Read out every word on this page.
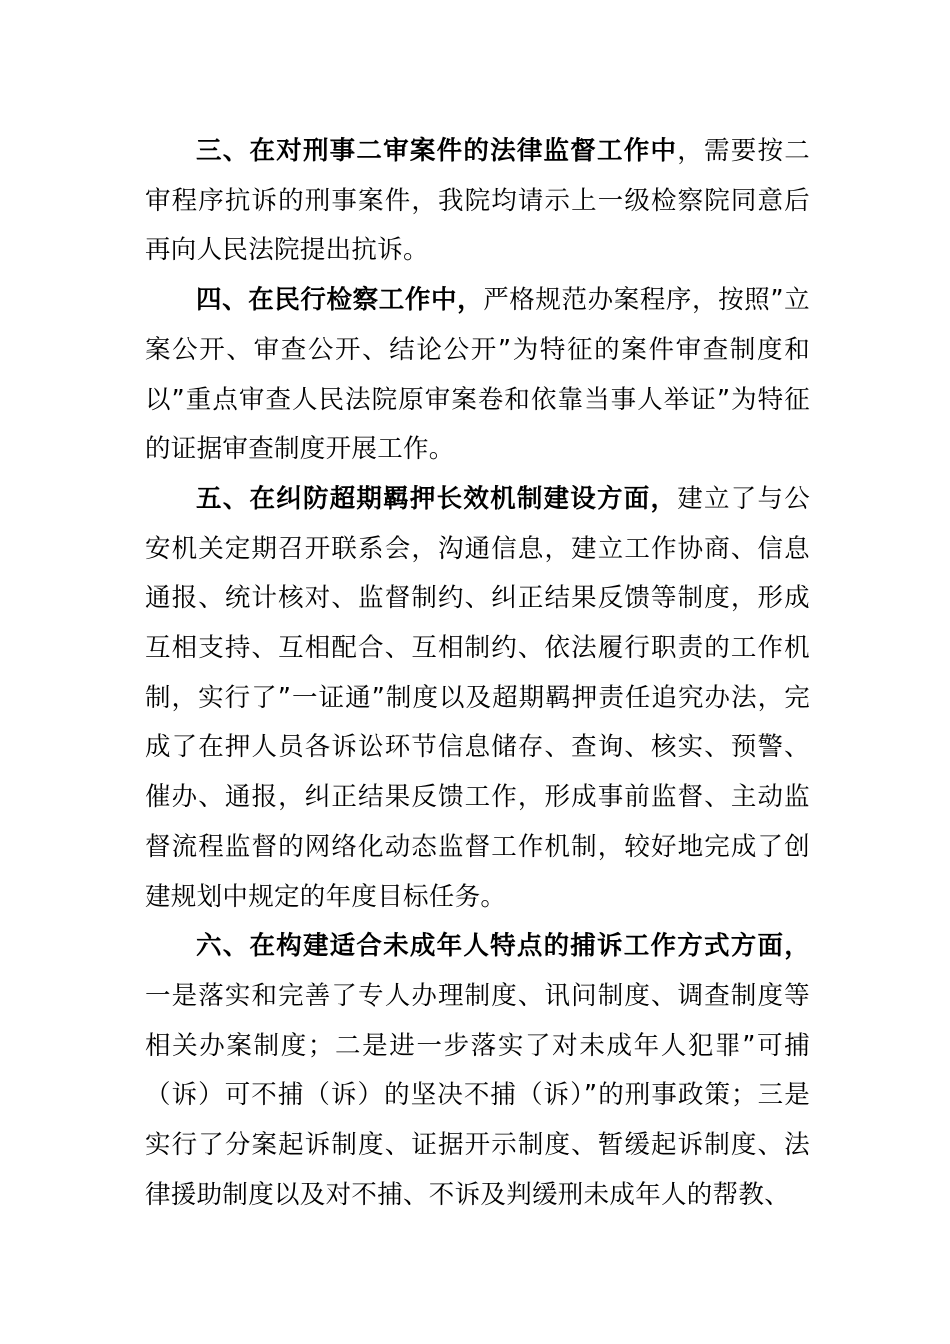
三、在对刑事二审案件的法律监督工作中，需要按二审程序抗诉的刑事案件，我院均请示上一级检察院同意后再向人民法院提出抗诉。

四、在民行检察工作中，严格规范办案程序，按照”立案公开、审查公开、结论公开”为特征的案件审查制度和以”重点审查人民法院原审案卷和依靠当事人举证”为特征的证据审查制度开展工作。

五、在纠防超期羁押长效机制建设方面，建立了与公安机关定期召开联系会，沟通信息，建立工作协商、信息通报、统计核对、监督制约、纠正结果反馈等制度，形成互相支持、互相配合、互相制约、依法履行职责的工作机制，实行了”一证通”制度以及超期羁押责任追究办法，完成了在押人员各诉讼环节信息储存、查询、核实、预警、催办、通报，纠正结果反馈工作，形成事前监督、主动监督流程监督的网络化动态监督工作机制，较好地完成了创建规划中规定的年度目标任务。

六、在构建适合未成年人特点的捕诉工作方式方面，一是落实和完善了专人办理制度、讯问制度、调查制度等相关办案制度；二是进一步落实了对未成年人犯罪”可捕（诉）可不捕（诉）的坚决不捕（诉）”的刑事政策；三是实行了分案起诉制度、证据开示制度、暂缓起诉制度、法律援助制度以及对不捕、不诉及判缓刑未成年人的帮教、
